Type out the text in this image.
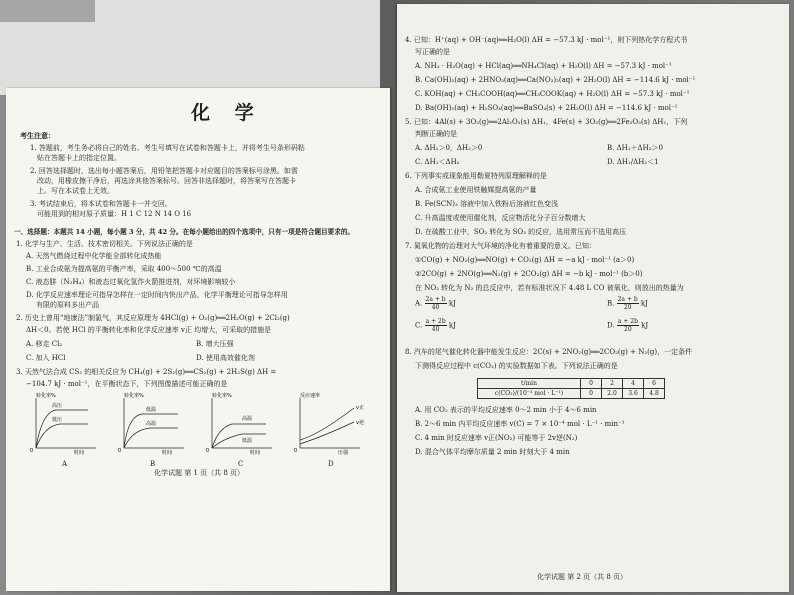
化 学
考生注意：
1. 答题前，考生务必将自己的姓名、考生号填写在试卷和答题卡上，并将考生号条形码粘
贴在答题卡上的指定位置。
2. 回答选择题时，选出每小题答案后，用铅笔把答题卡对应题目的答案标号涂黑。如需
改动，用橡皮擦干净后，再选涂其他答案标号。回答非选择题时，将答案写在答题卡
上。写在本试卷上无效。
3. 考试结束后，将本试卷和答题卡一并交回。
可能用到的相对原子质量：H 1 C 12 N 14 O 16
一、选择题：本题共 14 小题，每小题 3 分，共 42 分。在每小题给出的四个选项中，只有一项是符合题目要求的。
1. 化学与生产、生活、技术密切相关。下列说法正确的是
A. 天然气燃烧过程中化学能全部转化成热能
B. 工业合成氨为提高氨的平衡产率，采取 400～500 ℃的高温
C. 液态肼（N₂H₄）和液态过氧化氢作火箭推进剂，对环境影响较小
D. 化学反应速率理论可指导怎样在一定时间内快出产品，化学平衡理论可指导怎样用
有限的原料多出产品
2. 历史上曾用“地康法”制氯气，其反应原理为 4HCl(g) + O₂(g)══2H₂O(g) + 2Cl₂(g)
ΔH＜0。若使 HCl 的平衡转化率和化学反应速率 v正 均增大，可采取的措施是
A. 移走 Cl₂	B. 增大压强
C. 加入 HCl	D. 使用高效催化剂
3. 天然气法合成 CS₂ 的相关反应为 CH₄(g) + 2S₂(g)══CS₂(g) + 2H₂S(g) ΔH =
−104.7 kJ · mol⁻¹，在平衡状态下，下列图像描述可能正确的是
转化率%
高压
低压
0	时间
转化率%
低温
高温
0	时间
转化率%
高温
低温
0	时间
反应速率
v正
v逆
0	压强
A	B	C	D
化学试题 第 1 页（共 8 页）
4. 已知：H⁺(aq) + OH⁻(aq)══H₂O(l) ΔH = −57.3 kJ · mol⁻¹，则下列热化学方程式书
写正确的是
A. NH₃ · H₂O(aq) + HCl(aq)══NH₄Cl(aq) + H₂O(l) ΔH = −57.3 kJ · mol⁻¹
B. Ca(OH)₂(aq) + 2HNO₃(aq)══Ca(NO₃)₂(aq) + 2H₂O(l) ΔH = −114.6 kJ · mol⁻¹
C. KOH(aq) + CH₃COOH(aq)══CH₃COOK(aq) + H₂O(l) ΔH = −57.3 kJ · mol⁻¹
D. Ba(OH)₂(aq) + H₂SO₄(aq)══BaSO₄(s) + 2H₂O(l) ΔH = −114.6 kJ · mol⁻¹
5. 已知：4Al(s) + 3O₂(g)══2Al₂O₃(s) ΔH₁，4Fe(s) + 3O₂(g)══2Fe₂O₃(s) ΔH₂，下列
判断正确的是
A. ΔH₁＞0，ΔH₂＞0	B. ΔH₁＋ΔH₂＞0
C. ΔH₁＜ΔH₂	D. ΔH₁/ΔH₂＜1
6. 下列事实或现象能用勒夏特列原理解释的是
A. 合成氨工业使用铁触媒提高氨的产量
B. Fe(SCN)₃ 溶液中加入铁粉后溶液红色变浅
C. 升高温度或使用催化剂，反应物活化分子百分数增大
D. 在硫酸工业中，SO₂ 转化为 SO₃ 的反应，选用常压而不选用高压
7. 氮氧化物的治理对大气环境的净化有着重要的意义。已知：
①CO(g) + NO₂(g)══NO(g) + CO₂(g) ΔH = −a kJ · mol⁻¹ (a＞0)
②2CO(g) + 2NO(g)══N₂(g) + 2CO₂(g) ΔH = −b kJ · mol⁻¹ (b＞0)
在 NO₂ 转化为 N₂ 的总反应中，若有标准状况下 4.48 L CO 被氧化，则放出的热量为
A. $\frac{2a + b}{40}$ kJ	B. $\frac{2a + b}{20}$ kJ
C. $\frac{a + 2b}{40}$ kJ	D. $\frac{a + 2b}{20}$ kJ
8. 汽车的尾气催化转化器中能发生反应：2C(s) + 2NO₂(g)══2CO₂(g) + N₂(g)，一定条件
下测得反应过程中 c(CO₂) 的实验数据如下表。下列说法正确的是
t/min	0	2	4	6
c(CO₂)/(10⁻³ mol · L⁻¹)	0	2.0	3.6	4.8
A. 用 CO₂ 表示的平均反应速率 0～2 min 小于 4～6 min
B. 2～6 min 内平均反应速率 v(C) = 7 × 10⁻⁴ mol · L⁻¹ · min⁻¹
C. 4 min 时反应速率 v正(NO₂) 可能等于 2v逆(N₂)
D. 混合气体平均摩尔质量 2 min 时刻大于 4 min
化学试题 第 2 页（共 8 页）
